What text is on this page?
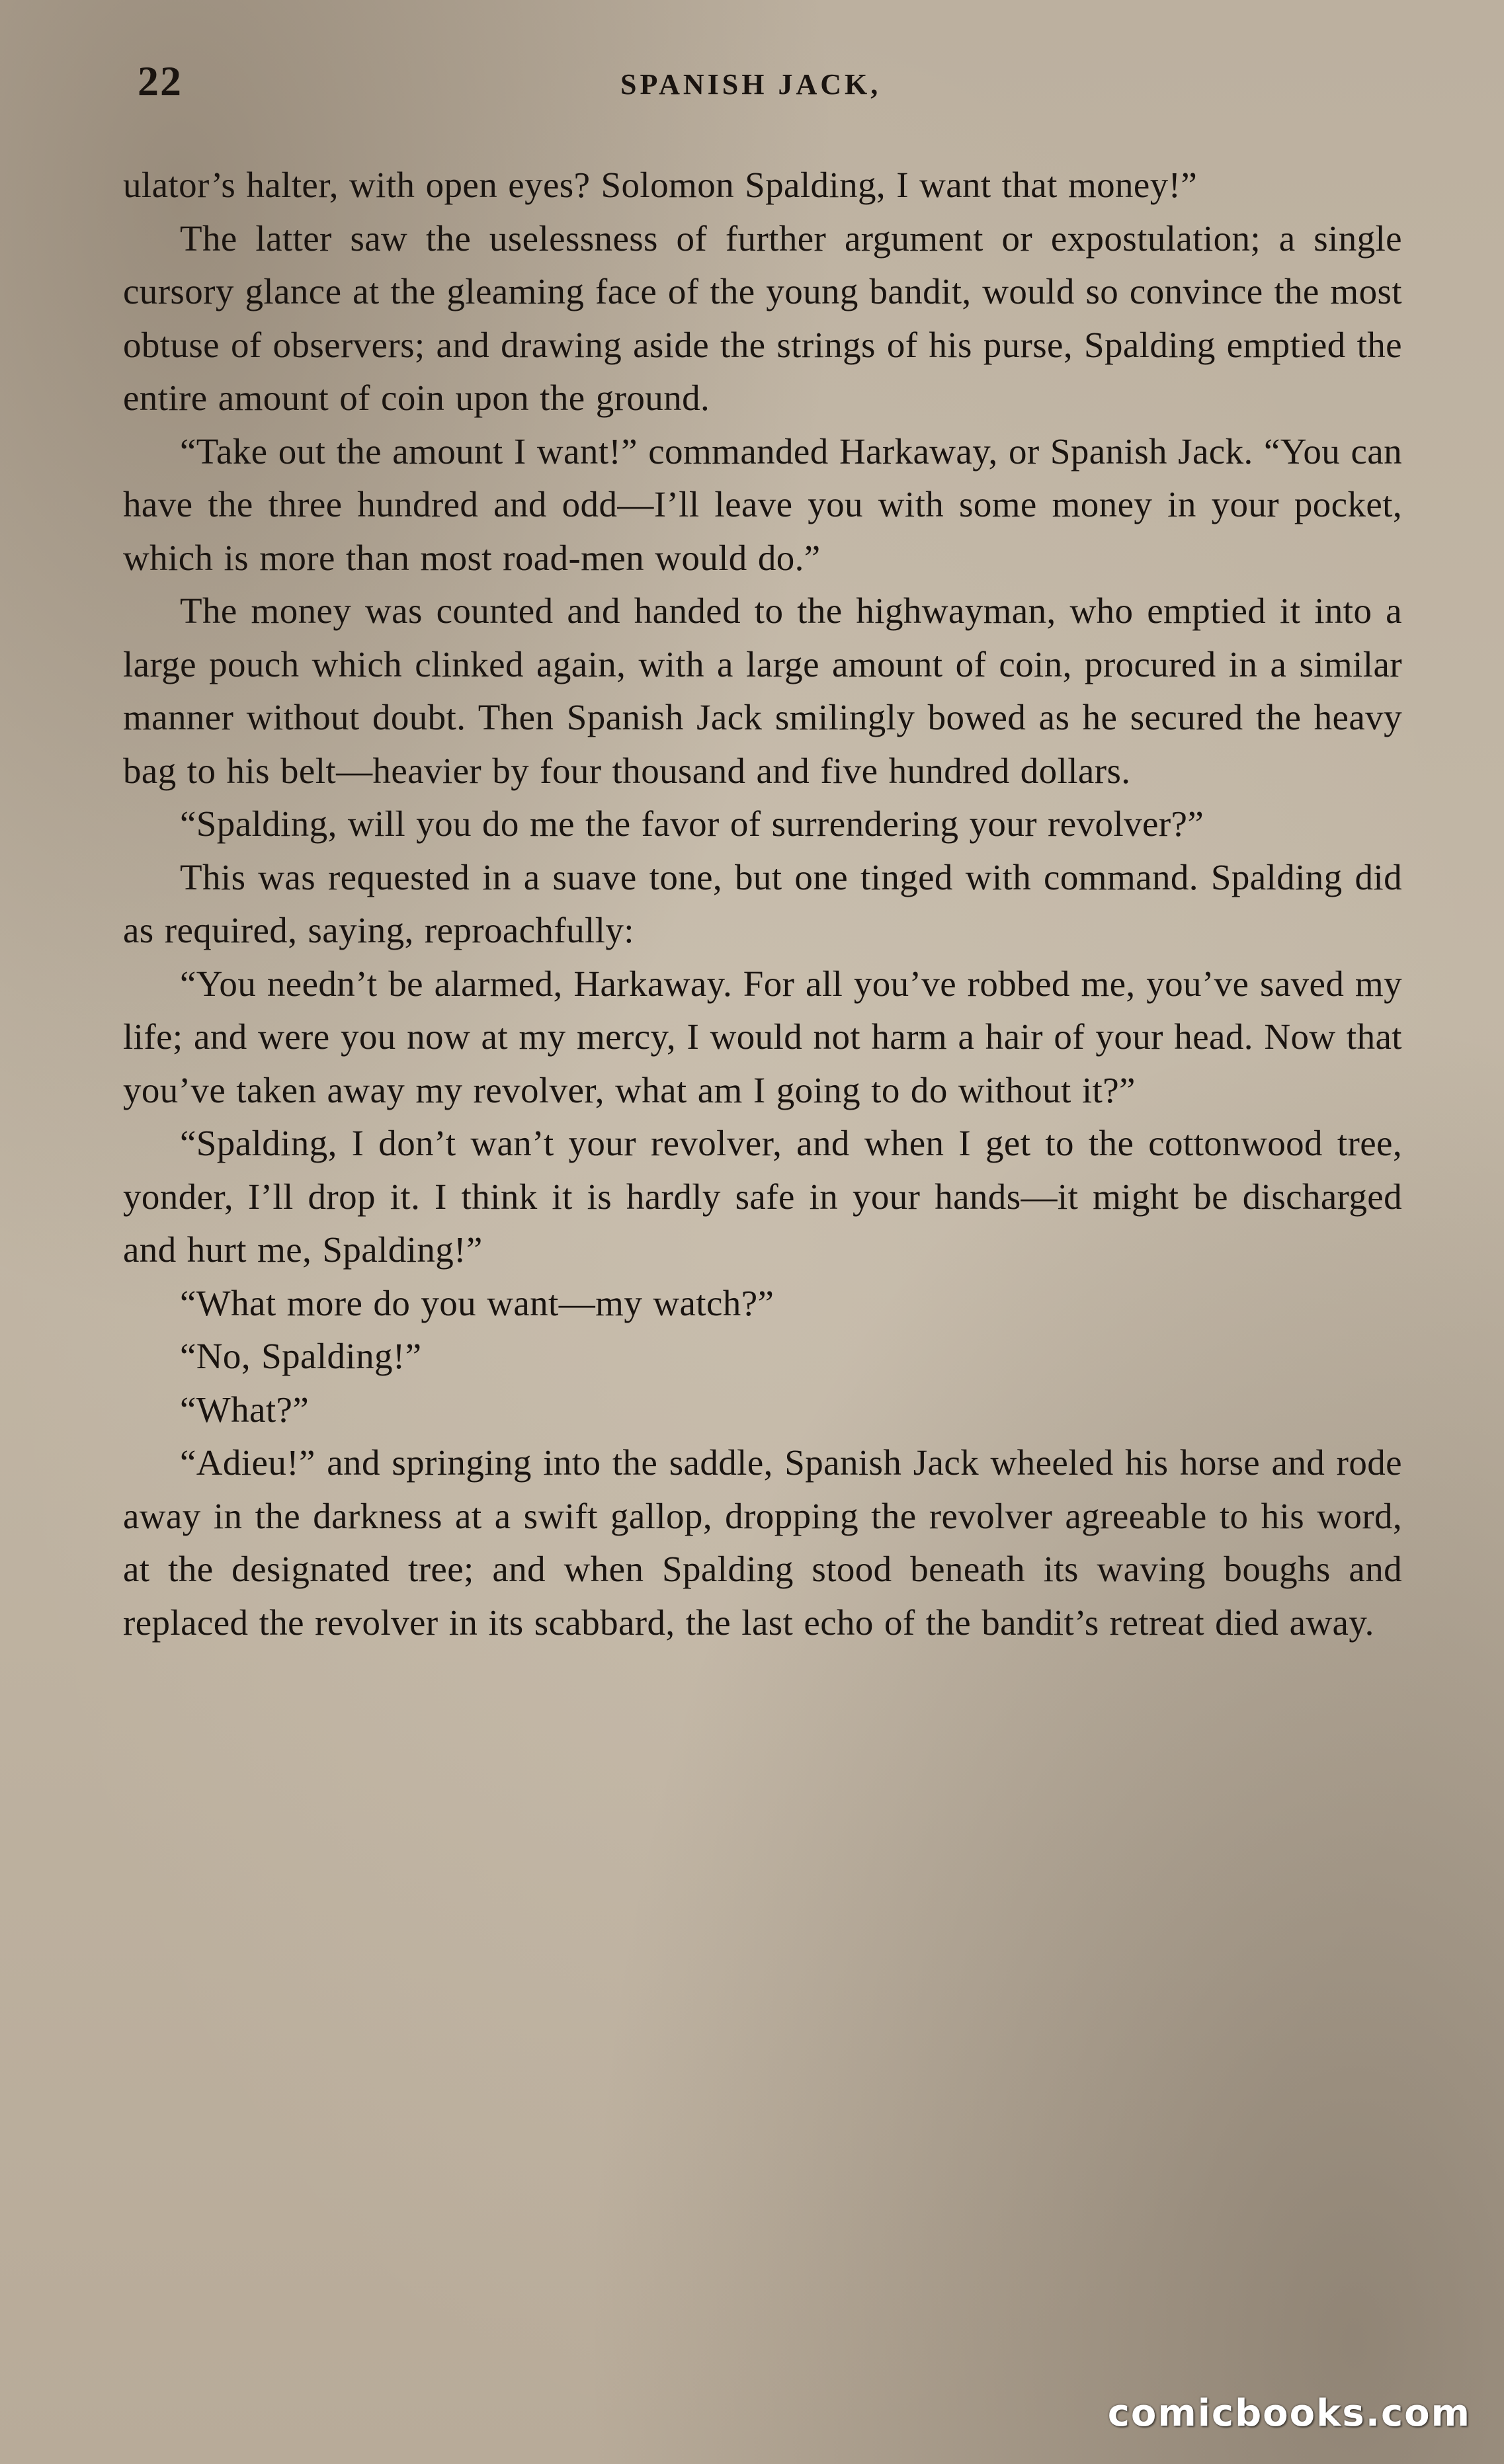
22	SPANISH JACK,

ulator’s halter, with open eyes? Solomon Spalding, I want that money!”

The latter saw the uselessness of further argument or expostulation; a single cursory glance at the gleaming face of the young bandit, would so convince the most obtuse of observers; and drawing aside the strings of his purse, Spalding emptied the entire amount of coin upon the ground.

“Take out the amount I want!” commanded Harkaway, or Spanish Jack. “You can have the three hundred and odd—I’ll leave you with some money in your pocket, which is more than most road-men would do.”

The money was counted and handed to the highwayman, who emptied it into a large pouch which clinked again, with a large amount of coin, procured in a similar manner without doubt. Then Spanish Jack smilingly bowed as he secured the heavy bag to his belt—heavier by four thousand and five hundred dollars.

“Spalding, will you do me the favor of surrendering your revolver?”

This was requested in a suave tone, but one tinged with command. Spalding did as required, saying, reproachfully:

“You needn’t be alarmed, Harkaway. For all you’ve robbed me, you’ve saved my life; and were you now at my mercy, I would not harm a hair of your head. Now that you’ve taken away my revolver, what am I going to do without it?”

“Spalding, I don’t wan’t your revolver, and when I get to the cottonwood tree, yonder, I’ll drop it. I think it is hardly safe in your hands—it might be discharged and hurt me, Spalding!”

“What more do you want—my watch?”

“No, Spalding!”

“What?”

“Adieu!” and springing into the saddle, Spanish Jack wheeled his horse and rode away in the darkness at a swift gallop, dropping the revolver agreeable to his word, at the designated tree; and when Spalding stood beneath its waving boughs and replaced the revolver in its scabbard, the last echo of the bandit’s retreat died away.

comicbooks.com
